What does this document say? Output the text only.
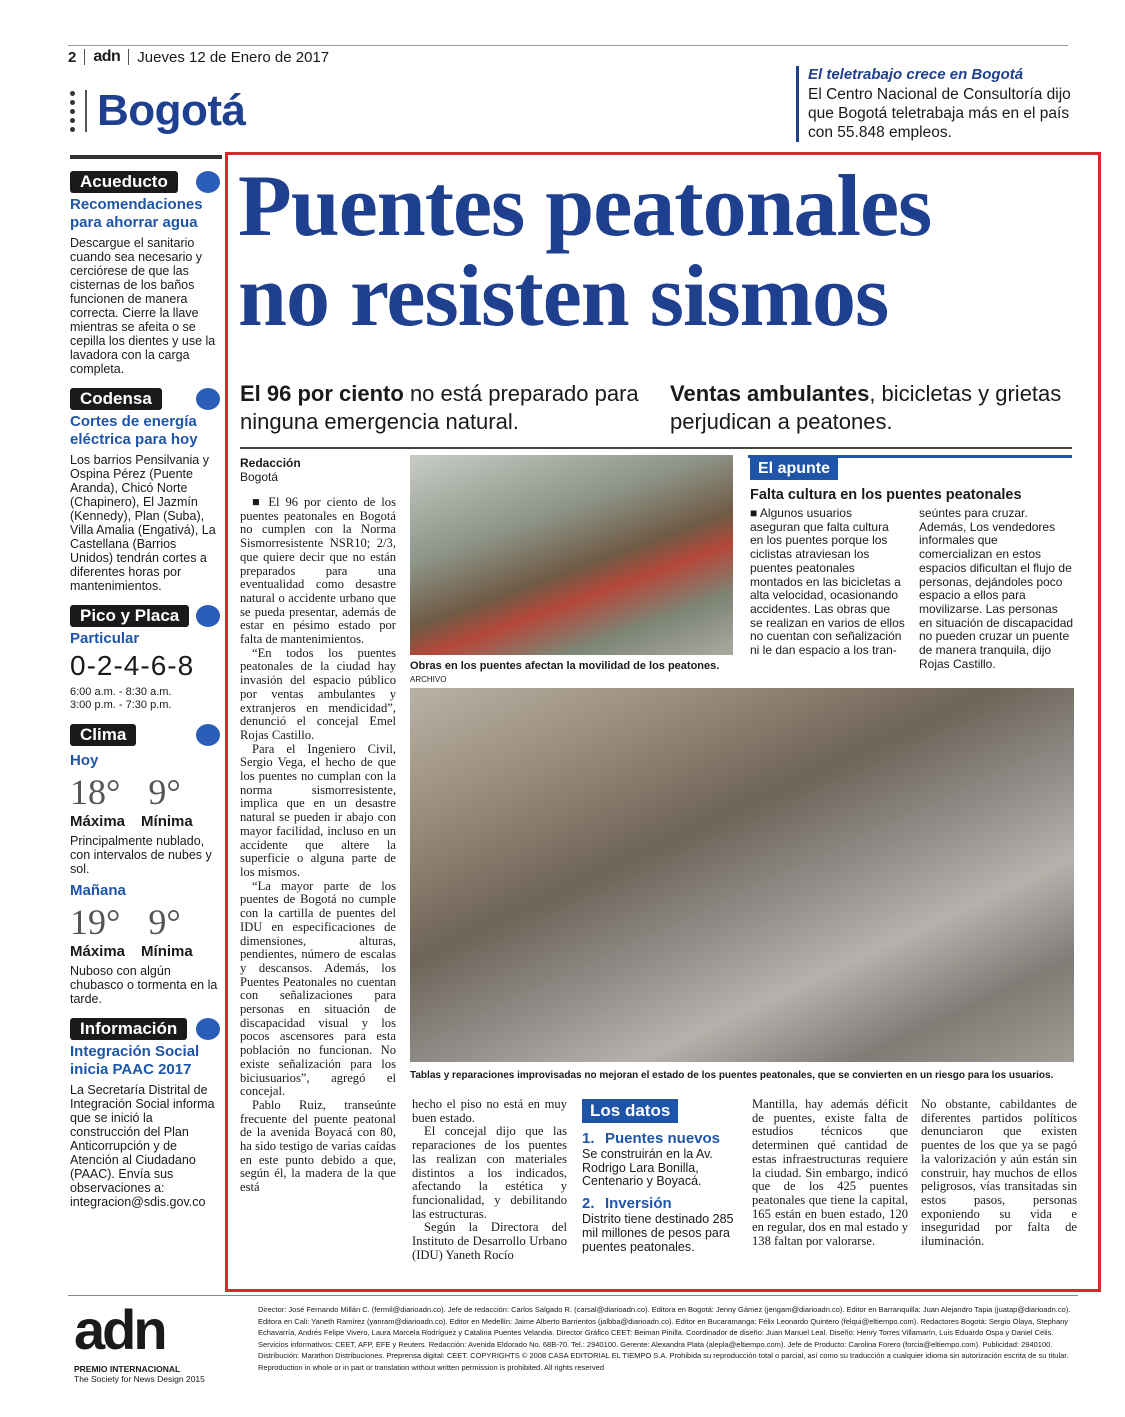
2 adn Jueves 12 de Enero de 2017
Bogotá
El teletrabajo crece en Bogotá
El Centro Nacional de Consultoría dijo que Bogotá teletrabaja más en el país con 55.848 empleos.
Acueducto
Recomendaciones para ahorrar agua
Descargue el sanitario cuando sea necesario y cerciórese de que las cisternas de los baños funcionen de manera correcta. Cierre la llave mientras se afeita o se cepilla los dientes y use la lavadora con la carga completa.
Codensa
Cortes de energía eléctrica para hoy
Los barrios Pensilvania y Ospina Pérez (Puente Aranda), Chicó Norte (Chapinero), El Jazmín (Kennedy), Plan (Suba), Villa Amalia (Engativá), La Castellana (Barrios Unidos) tendrán cortes a diferentes horas por mantenimientos.
Pico y Placa
Particular
0-2-4-6-8
6:00 a.m. - 8:30 a.m.
3:00 p.m. - 7:30 p.m.
Clima
Hoy
18° 9°
Máxima Mínima
Principalmente nublado, con intervalos de nubes y sol.
Mañana
19° 9°
Máxima Mínima
Nuboso con algún chubasco o tormenta en la tarde.
Información
Integración Social inicia PAAC 2017
La Secretaría Distrital de Integración Social informa que se inició la construcción del Plan Anticorrupción y de Atención al Ciudadano (PAAC). Envía sus observaciones a: integracion@sdis.gov.co
Puentes peatonales
no resisten sismos
El 96 por ciento no está preparado para ninguna emergencia natural.
Ventas ambulantes, bicicletas y grietas perjudican a peatones.
Redacción
Bogotá

■ El 96 por ciento de los puentes peatonales en Bogotá no cumplen con la Norma Sismorresistente NSR10; 2/3, que quiere decir que no están preparados para una eventualidad como desastre natural o accidente urbano que se pueda presentar, además de estar en pésimo estado por falta de mantenimientos.

“En todos los puentes peatonales de la ciudad hay invasión del espacio público por ventas ambulantes y extranjeros en mendicidad”, denunció el concejal Emel Rojas Castillo.

Para el Ingeniero Civil, Sergio Vega, el hecho de que los puentes no cumplan con la norma sismorresistente, implica que en un desastre natural se pueden ir abajo con mayor facilidad, incluso en un accidente que altere la superficie o alguna parte de los mismos.

“La mayor parte de los puentes de Bogotá no cumple con la cartilla de puentes del IDU en especificaciones de dimensiones, alturas, pendientes, número de escalas y descansos. Además, los Puentes Peatonales no cuentan con señalizaciones para personas en situación de discapacidad visual y los pocos ascensores para esta población no funcionan. No existe señalización para los biciusuarios”, agregó el concejal.

Pablo Ruiz, transeúnte frecuente del puente peatonal de la avenida Boyacá con 80, ha sido testigo de varias caídas en este punto debido a que, según él, la madera de la que está

Obras en los puentes afectan la movilidad de los peatones. ARCHIVO
El apunte
Falta cultura en los puentes peatonales
■ Algunos usuarios aseguran que falta cultura en los puentes porque los ciclistas atraviesan los puentes peatonales montados en las bicicletas a alta velocidad, ocasionando accidentes. Las obras que se realizan en varios de ellos no cuentan con señalización ni le dan espacio a los tran-
seúntes para cruzar. Además, Los vendedores informales que comercializan en estos espacios dificultan el flujo de personas, dejándoles poco espacio a ellos para movilizarse. Las personas en situación de discapacidad no pueden cruzar un puente de manera tranquila, dijo Rojas Castillo.
Tablas y reparaciones improvisadas no mejoran el estado de los puentes peatonales, que se convierten en un riesgo para los usuarios.

hecho el piso no está en muy buen estado.

El concejal dijo que las reparaciones de los puentes las realizan con materiales distintos a los indicados, afectando la estética y funcionalidad, y debilitando las estructuras.

Según la Directora del Instituto de Desarrollo Urbano (IDU) Yaneth Rocío

Los datos
1. Puentes nuevos
Se construirán en la Av. Rodrigo Lara Bonilla, Centenario y Boyacá.
2. Inversión
Distrito tiene destinado 285 mil millones de pesos para puentes peatonales.
Mantilla, hay además déficit de puentes, existe falta de estudios técnicos que determinen qué cantidad de estas infraestructuras requiere la ciudad. Sin embargo, indicó que de los 425 puentes peatonales que tiene la capital, 165 están en buen estado, 120 en regular, dos en mal estado y 138 faltan por valorarse.
No obstante, cabildantes de diferentes partidos políticos denunciaron que existen puentes de los que ya se pagó la valorización y aún están sin construir, hay muchos de ellos peligrosos, vías transitadas sin estos pasos, personas exponiendo su vida e inseguridad por falta de iluminación.
adn
PREMIO INTERNACIONAL
The Society for News Design 2015
Director: José Fernando Millán C. (fermil@diarioadn.co). Jefe de redacción: Carlos Salgado R. (carsal@diarioadn.co). Editora en Bogotá: Jenny Gámez (jengam@diarioadn.co). Editor en Barranquilla: Juan Alejandro Tapia (juatap@diarioadn.co). Editora en Cali: Yaneth Ramírez (yanram@diarioadn.co). Editor en Medellín: Jaime Alberto Barrientos (jalbba@diarioadn.co). Editor en Bucaramanga: Félix Leonardo Quintero (felqui@eltiempo.com). Redactores Bogotá: Sergio Olaya, Stephany Echavarría, Andrés Felipe Vivero, Laura Marcela Rodríguez y Catalina Puentes Velandia. Director Gráfico CEET: Beiman Pinilla. Coordinador de diseño: Juan Manuel Leal. Diseño: Henry Torres Villamarín, Luis Eduardo Ospa y Daniel Celis. Servicios informativos: CEET, AFP, EFE y Reuters. Redacción: Avenida Eldorado No. 68B-70. Tel.: 2940100. Gerente: Alexandra Plata (alepla@eltiempo.com). Jefe de Producto: Carolina Forero (forcia@eltiempo.com). Publicidad: 2940100. Distribución: Marathon Distribuciones. Preprensa digital: CEET. COPYRIGHTS © 2008 CASA EDITORIAL EL TIEMPO S.A. Prohibida su reproducción total o parcial, así como su traducción a cualquier idioma sin autorización escrita de su titular. Reproduction in whole or in part or translation without written permission is prohibited. All rights reserved
